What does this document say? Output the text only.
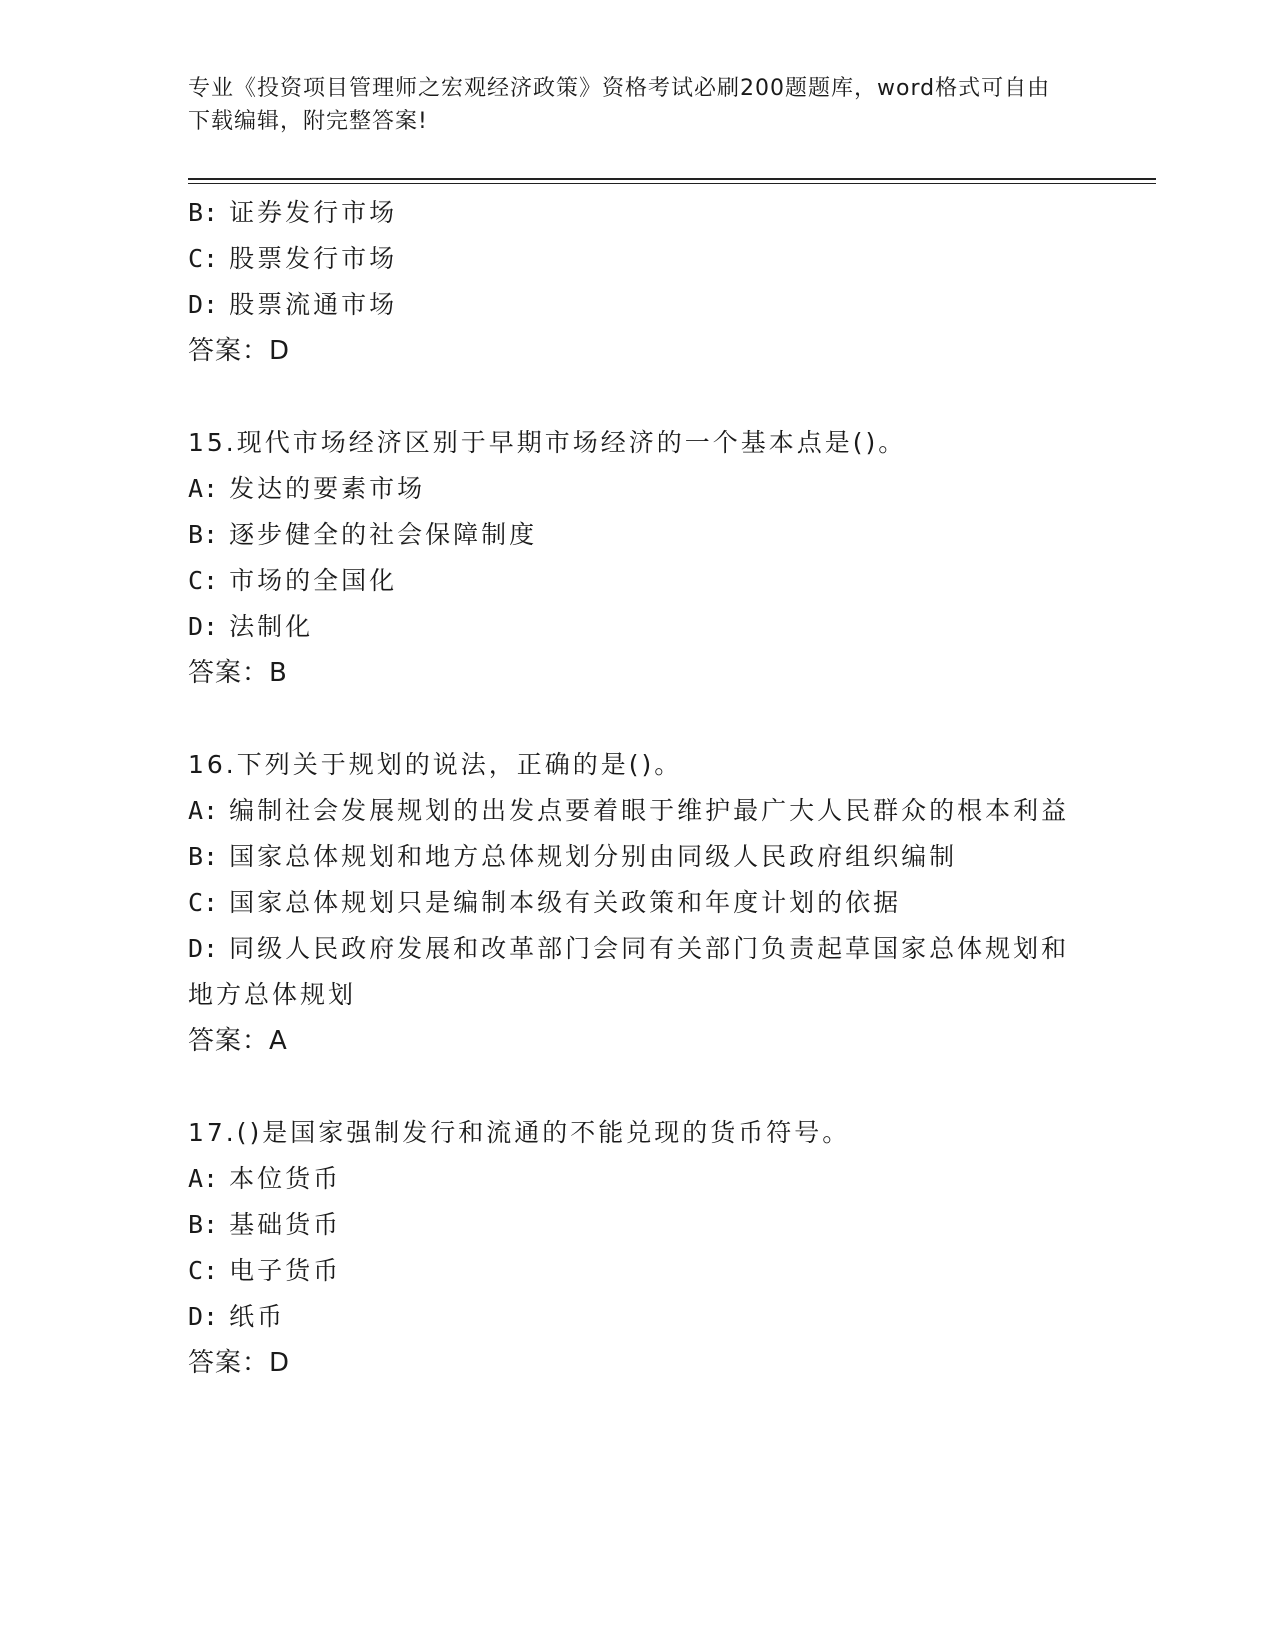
专业《投资项目管理师之宏观经济政策》资格考试必刷200题题库，word格式可自由下载编辑，附完整答案!

B: 证券发行市场

C: 股票发行市场

D: 股票流通市场

答案：D

15.现代市场经济区别于早期市场经济的一个基本点是()。

A: 发达的要素市场

B: 逐步健全的社会保障制度

C: 市场的全国化

D: 法制化

答案：B

16.下列关于规划的说法，正确的是()。

A: 编制社会发展规划的出发点要着眼于维护最广大人民群众的根本利益

B: 国家总体规划和地方总体规划分别由同级人民政府组织编制

C: 国家总体规划只是编制本级有关政策和年度计划的依据

D: 同级人民政府发展和改革部门会同有关部门负责起草国家总体规划和地方总体规划

答案：A

17.()是国家强制发行和流通的不能兑现的货币符号。

A: 本位货币

B: 基础货币

C: 电子货币

D: 纸币

答案：D
